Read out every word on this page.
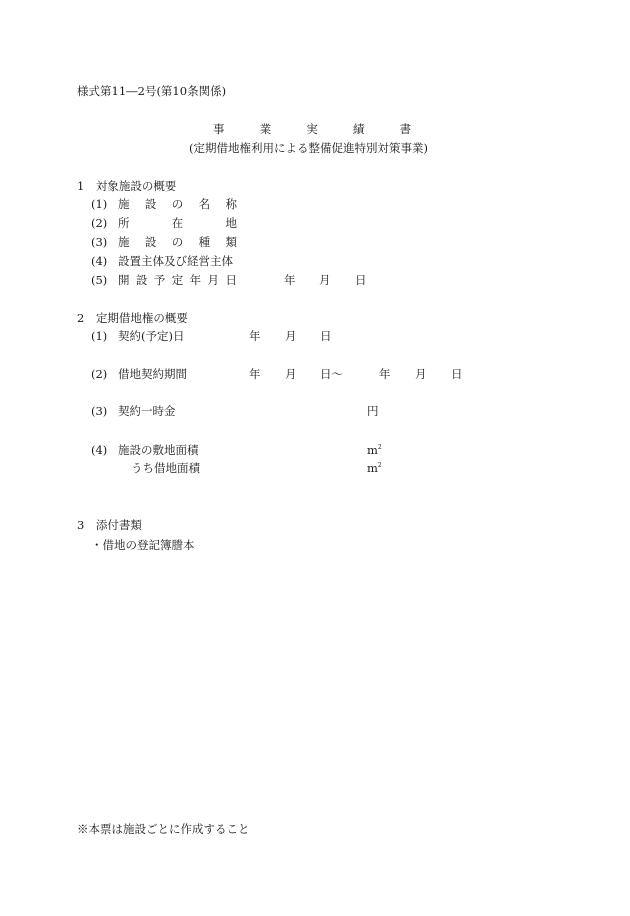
様式第11―2号(第10条関係)
事	業	実	績	書
(定期借地権利用による整備促進特別対策事業)
1　対象施設の概要
(1) 施 設 の 名 称
(2) 所	在	地
(3) 施 設 の 種 類
(4) 設置主体及び経営主体
(5) 開 設 予 定 年 月 日	年 月 日
2　定期借地権の概要
(1) 契約(予定)日	年 月 日
(2) 借地契約期間	年 月 日〜	年 月 日
(3) 契約一時金	円
(4) 施設の敷地面積	$m^2$
うち借地面積	$m^2$
3　添付書類
・借地の登記簿謄本
※本票は施設ごとに作成すること
